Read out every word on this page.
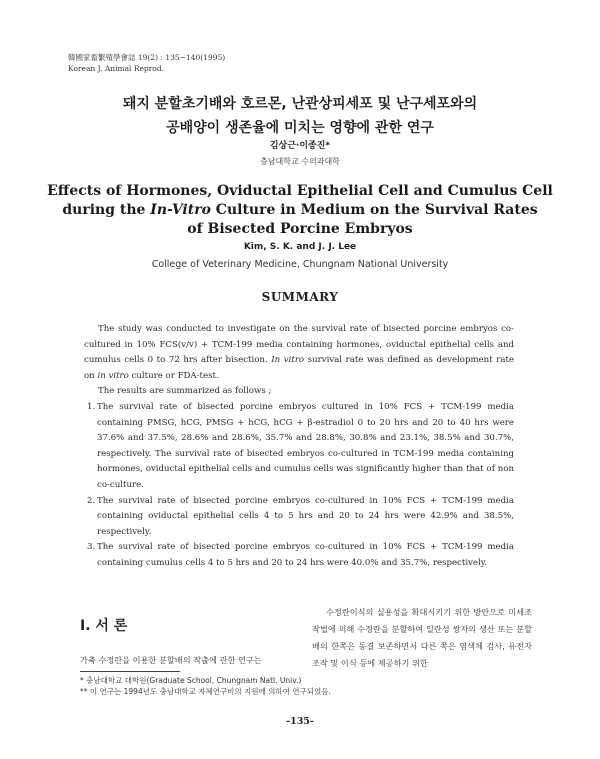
韓國家畜繁殖學會誌 19(2) : 135~140(1995)
Korean J. Animal Reprod.
돼지 분할초기배와 호르몬, 난관상피세포 및 난구세포와의
공배양이 생존율에 미치는 영향에 관한 연구
김상근·이종진*
충남대학교 수의과대학
Effects of Hormones, Oviductal Epithelial Cell and Cumulus Cell
during the In-Vitro Culture in Medium on the Survival Rates
of Bisected Porcine Embryos
Kim, S. K. and J. J. Lee
College of Veterinary Medicine, Chungnam National University
SUMMARY

The study was conducted to investigate on the survival rate of bisected porcine embryos co-cultured in 10% FCS(v/v) + TCM-199 media containing hormones, oviductal epithelial cells and cumulus cells 0 to 72 hrs after bisection. In vitro survival rate was defined as development rate on in vitro culture or FDA-test.

The results are summarized as follows ;

1. The survival rate of bisected porcine embryos cultured in 10% FCS + TCM-199 media containing PMSG, hCG, PMSG + hCG, hCG + β-estradiol 0 to 20 hrs and 20 to 40 hrs were 37.6% and 37.5%, 28.6% and 28.6%, 35.7% and 28.8%, 30.8% and 23.1%, 38.5% and 30.7%, respectively. The survival rate of bisected embryos co-cultured in TCM-199 media containing hormones, oviductal epithelial cells and cumulus cells was significantly higher than that of non co-culture.
2. The survival rate of bisected porcine embryos co-cultured in 10% FCS + TCM-199 media containing oviductal epithelial cells 4 to 5 hrs and 20 to 24 hrs were 42.9% and 38.5%, respectively.
3. The survival rate of bisected porcine embryos co-cultured in 10% FCS + TCM-199 media containing cumulus cells 4 to 5 hrs and 20 to 24 hrs were 40.0% and 35.7%, respectively.
Ⅰ. 서 론
가축 수정란을 이용한 분할배의 작출에 관한 연구는

수정란이식의 실용성을 확대시키기 위한 방안으로 미세조작법에 의해 수정란을 분할하여 일란성 쌍자의 생산 또는 분할배의 한쪽은 동결 보존하면서 다른 쪽은 염색체 검사, 유전자조작 및 이식 등에 제공하기 위한

* 충남대학교 대학원(Graduate School, Chungnam Natl. Univ.)
** 이 연구는 1994년도 충남대학교 자체연구비의 지원에 의하여 연구되었음.
-135-
